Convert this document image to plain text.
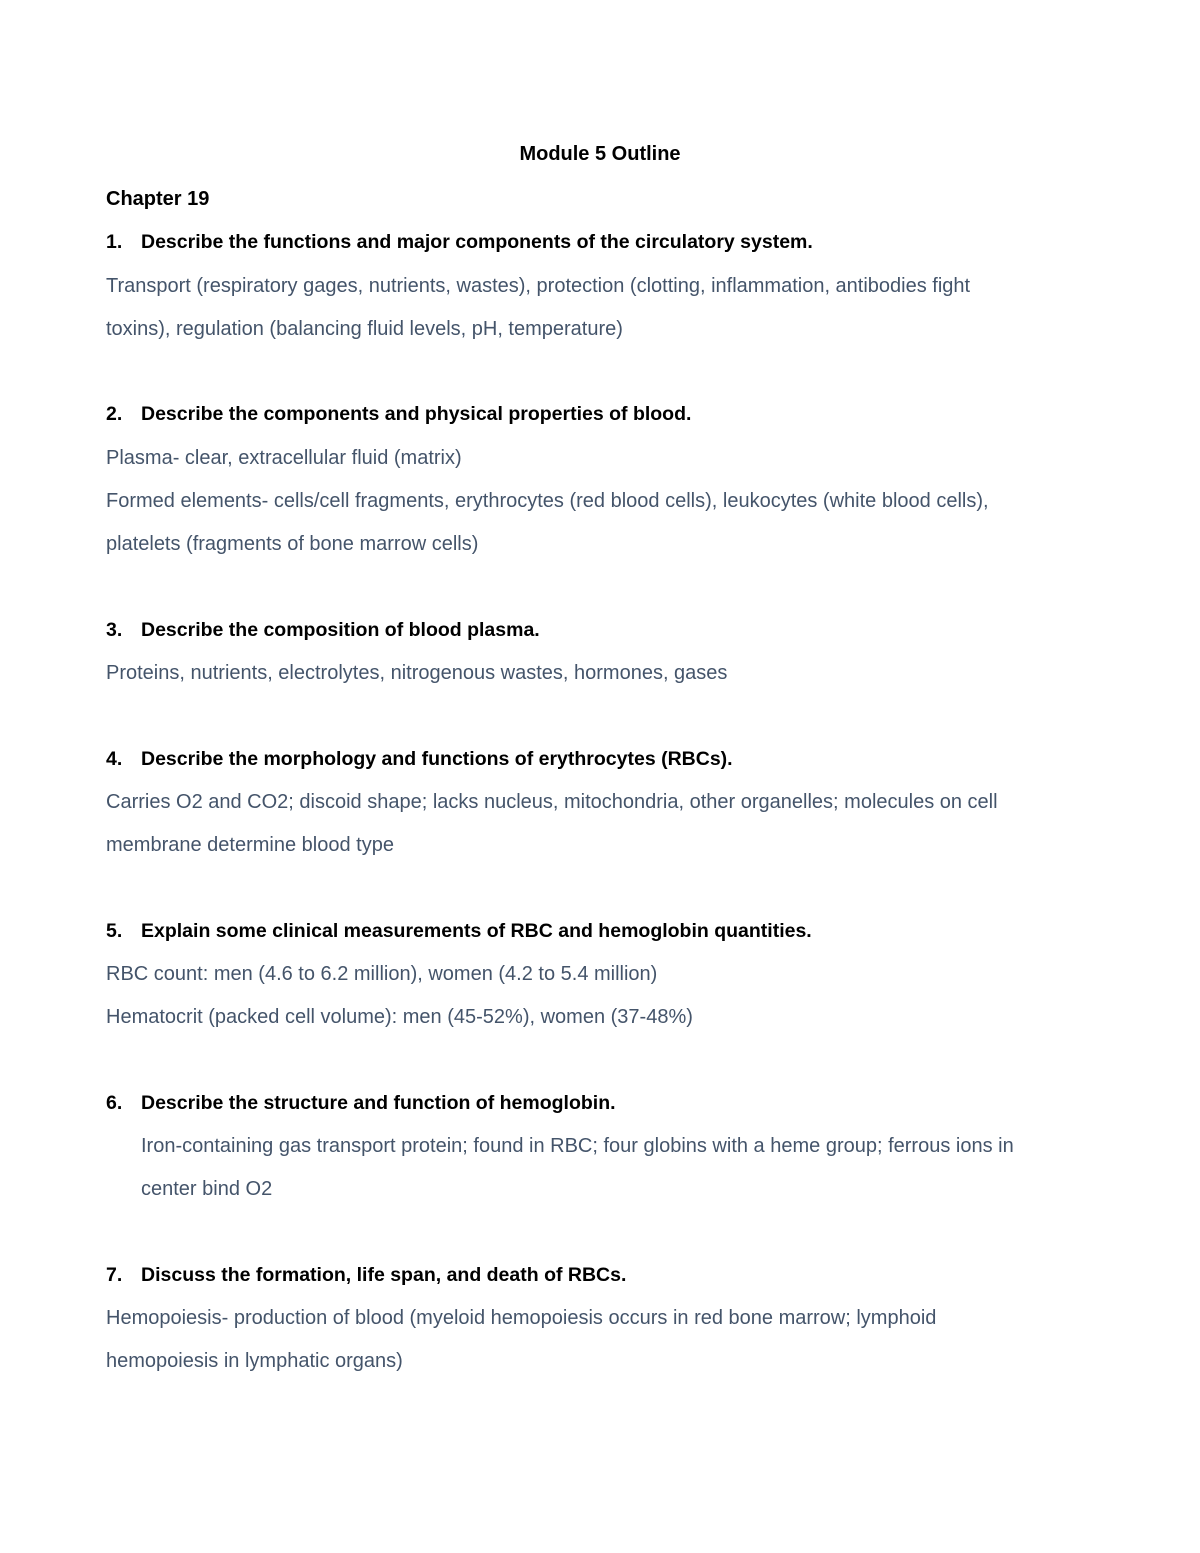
Module 5 Outline
Chapter 19
1. Describe the functions and major components of the circulatory system.
Transport (respiratory gages, nutrients, wastes), protection (clotting, inflammation, antibodies fight
toxins), regulation (balancing fluid levels, pH, temperature)
2. Describe the components and physical properties of blood.
Plasma- clear, extracellular fluid (matrix)
Formed elements- cells/cell fragments, erythrocytes (red blood cells), leukocytes (white blood cells),
platelets (fragments of bone marrow cells)
3. Describe the composition of blood plasma.
Proteins, nutrients, electrolytes, nitrogenous wastes, hormones, gases
4. Describe the morphology and functions of erythrocytes (RBCs).
Carries O2 and CO2; discoid shape; lacks nucleus, mitochondria, other organelles; molecules on cell
membrane determine blood type
5. Explain some clinical measurements of RBC and hemoglobin quantities.
RBC count: men (4.6 to 6.2 million), women (4.2 to 5.4 million)
Hematocrit (packed cell volume): men (45-52%), women (37-48%)
6. Describe the structure and function of hemoglobin.
Iron-containing gas transport protein; found in RBC; four globins with a heme group; ferrous ions in
center bind O2
7. Discuss the formation, life span, and death of RBCs.
Hemopoiesis- production of blood (myeloid hemopoiesis occurs in red bone marrow; lymphoid
hemopoiesis in lymphatic organs)
